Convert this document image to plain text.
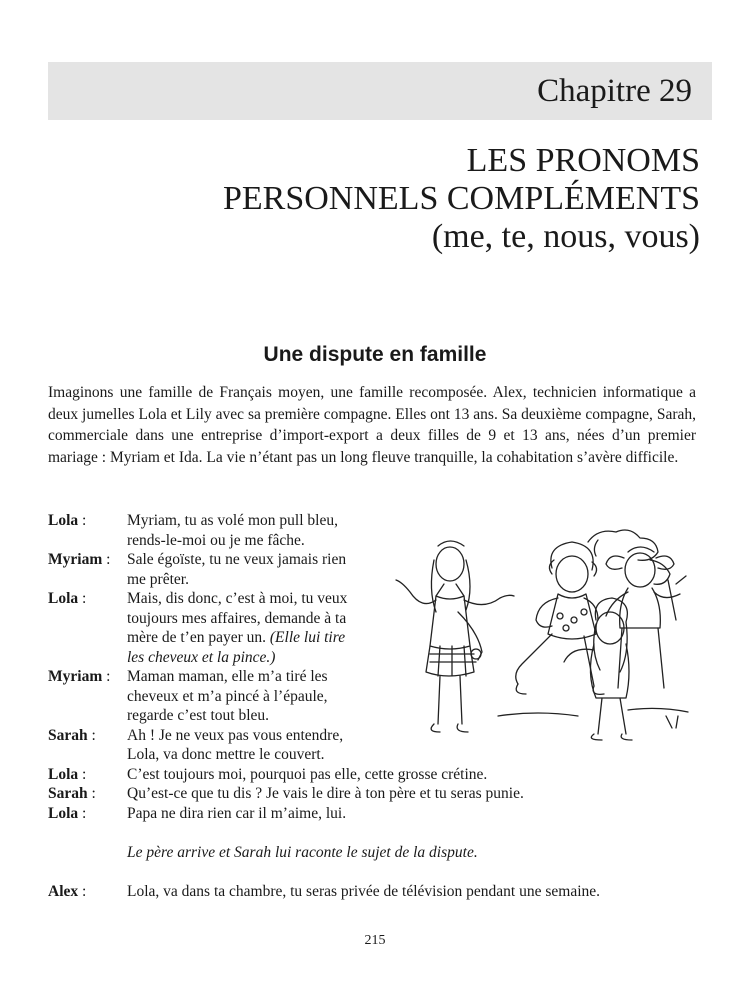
Chapitre 29
LES PRONOMS
PERSONNELS COMPLÉMENTS
(me, te, nous, vous)
Une dispute en famille

Imaginons une famille de Français moyen, une famille recomposée. Alex, technicien informatique a deux jumelles Lola et Lily avec sa première compagne. Elles ont 13 ans. Sa deuxième compagne, Sarah, commerciale dans une entreprise d’import-export a deux filles de 9 et 13 ans, nées d’un premier mariage : Myriam et Ida. La vie n’étant pas un long fleuve tranquille, la cohabitation s’avère difficile.

Lola :	Myriam, tu as volé mon pull bleu,
rends-le-moi ou je me fâche.
Myriam : Sale égoïste, tu ne veux jamais rien
me prêter.
Lola :	Mais, dis donc, c’est à moi, tu veux
toujours mes affaires, demande à ta
mère de t’en payer un. (Elle lui tire
les cheveux et la pince.)
Myriam : Maman maman, elle m’a tiré les
cheveux et m’a pincé à l’épaule,
regarde c’est tout bleu.
Sarah : Ah ! Je ne veux pas vous entendre,
Lola, va donc mettre le couvert.
Lola :	C’est toujours moi, pourquoi pas elle, cette grosse crétine.
Sarah : Qu’est-ce que tu dis ? Je vais le dire à ton père et tu seras punie.
Lola :	Papa ne dira rien car il m’aime, lui.
Le père arrive et Sarah lui raconte le sujet de la dispute.
Alex :	Lola, va dans ta chambre, tu seras privée de télévision pendant une semaine.
215
